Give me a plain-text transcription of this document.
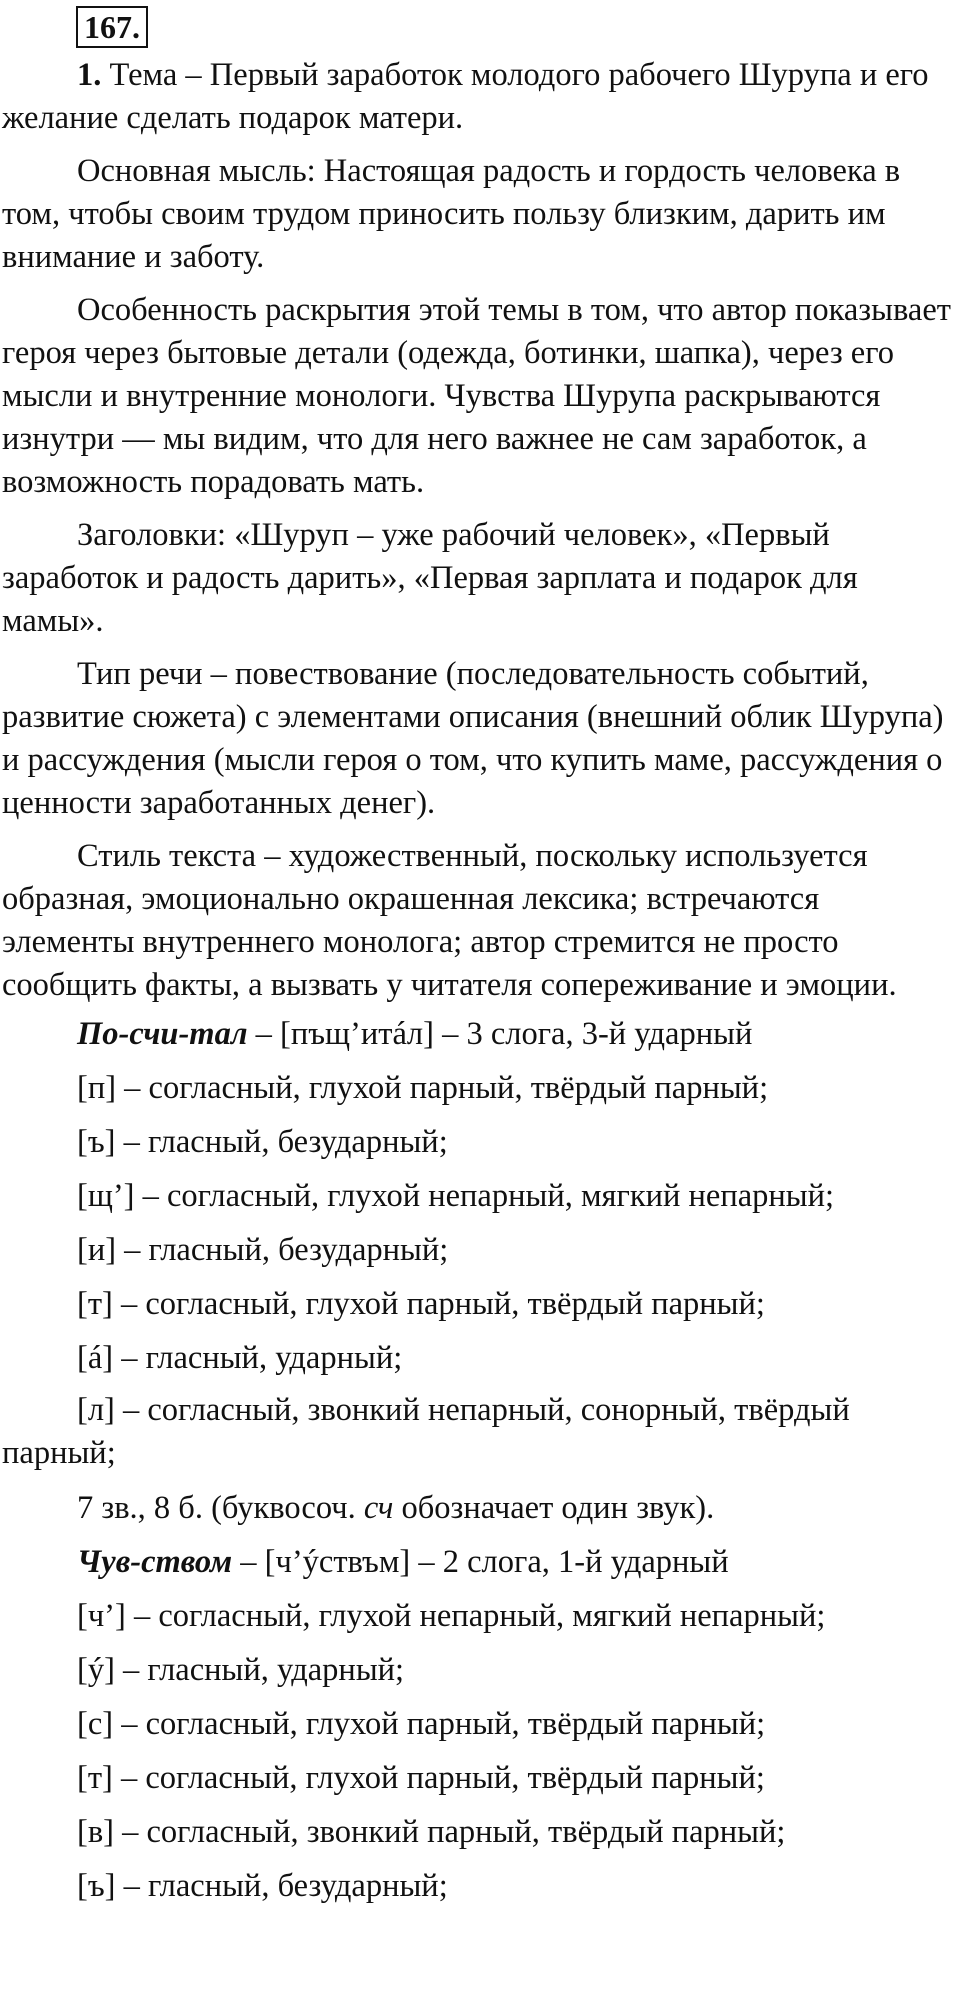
167.

1. Тема – Первый заработок молодого рабочего Шурупа и его желание сделать подарок матери.

Основная мысль: Настоящая радость и гордость человека в том, чтобы своим трудом приносить пользу близким, дарить им внимание и заботу.

Особенность раскрытия этой темы в том, что автор показывает героя через бытовые детали (одежда, ботинки, шапка), через его мысли и внутренние монологи. Чувства Шурупа раскрываются изнутри — мы видим, что для него важнее не сам заработок, а возможность порадовать мать.

Заголовки: «Шуруп – уже рабочий человек», «Первый заработок и радость дарить», «Первая зарплата и подарок для мамы».

Тип речи – повествование (последовательность событий, развитие сюжета) с элементами описания (внешний облик Шурупа) и рассуждения (мысли героя о том, что купить маме, рассуждения о ценности заработанных денег).

Стиль текста – художественный, поскольку используется образная, эмоционально окрашенная лексика; встречаются элементы внутреннего монолога; автор стремится не просто сообщить факты, а вызвать у читателя сопереживание и эмоции.

По-счи-тал – [пъщ’итáл] – 3 слога, 3-й ударный

[п] – согласный, глухой парный, твёрдый парный;

[ъ] – гласный, безударный;

[щ’] – согласный, глухой непарный, мягкий непарный;

[и] – гласный, безударный;

[т] – согласный, глухой парный, твёрдый парный;

[á] – гласный, ударный;

[л] – согласный, звонкий непарный, сонорный, твёрдый парный;

7 зв., 8 б. (буквосоч. сч обозначает один звук).

Чув-ством – [ч’ýствъм] – 2 слога, 1-й ударный

[ч’] – согласный, глухой непарный, мягкий непарный;

[ý] – гласный, ударный;

[с] – согласный, глухой парный, твёрдый парный;

[т] – согласный, глухой парный, твёрдый парный;

[в] – согласный, звонкий парный, твёрдый парный;

[ъ] – гласный, безударный;
